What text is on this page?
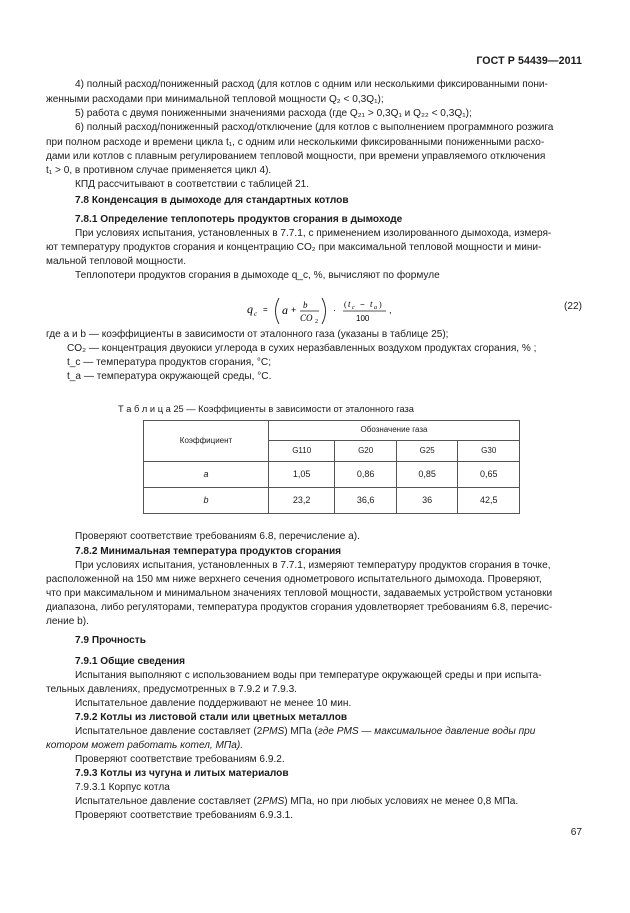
ГОСТ Р 54439—2011
4) полный расход/пониженный расход (для котлов с одним или несколькими фиксированными пони-
женными расходами при минимальной тепловой мощности Q₂ < 0,3Q₁);
5) работа с двумя пониженными значениями расхода (где Q₂₁ > 0,3Q₁ и Q₂₂ < 0,3Q₁);
6) полный расход/пониженный расход/отключение (для котлов с выполнением программного розжига
при полном расходе и времени цикла t₁, с одним или несколькими фиксированными пониженными расхо-
дами или котлов с плавным регулированием тепловой мощности, при времени управляемого отключения
t₁ > 0, в противном случае применяется цикл 4).
КПД рассчитывают в соответствии с таблицей 21.
7.8 Конденсация в дымоходе для стандартных котлов
7.8.1 Определение теплопотерь продуктов сгорания в дымоходе
При условиях испытания, установленных в 7.7.1, с применением изолированного дымохода, измеря-
ют температуру продуктов сгорания и концентрацию CO₂ при максимальной тепловой мощности и мини-
мальной тепловой мощности.
Теплопотери продуктов сгорания в дымоходе q_c, %, вычисляют по формуле
q c = a + b
CO 2
·
( t c − t a )
100
,	(22)
где a и b — коэффициенты в зависимости от эталонного газа (указаны в таблице 25);
CO₂ — концентрация двуокиси углерода в сухих неразбавленных воздухом продуктах сгорания, % ;
t_c — температура продуктов сгорания, °C;
t_a — температура окружающей среды, °C.
Т а б л и ц а 25 — Коэффициенты в зависимости от эталонного газа
Коэффициент	Обозначение газа			
	G110	G20	G25	G30
a	1,05	0,86	0,85	0,65
b	23,2	36,6	36	42,5
Проверяют соответствие требованиям 6.8, перечисление а).
7.8.2 Минимальная температура продуктов сгорания
При условиях испытания, установленных в 7.7.1, измеряют температуру продуктов сгорания в точке,
расположенной на 150 мм ниже верхнего сечения однометрового испытательного дымохода. Проверяют,
что при максимальном и минимальном значениях тепловой мощности, задаваемых устройством установки
диапазона, либо регуляторами, температура продуктов сгорания удовлетворяет требованиям 6.8, перечис-
ление b).
7.9 Прочность
7.9.1 Общие сведения
Испытания выполняют с использованием воды при температуре окружающей среды и при испыта-
тельных давлениях, предусмотренных в 7.9.2 и 7.9.3.
Испытательное давление поддерживают не менее 10 мин.
7.9.2 Котлы из листовой стали или цветных металлов
Испытательное давление составляет (2PMS) МПа (где PMS — максимальное давление воды при
котором может работать котел, МПа).
Проверяют соответствие требованиям 6.9.2.
7.9.3 Котлы из чугуна и литых материалов
7.9.3.1 Корпус котла
Испытательное давление составляет (2PMS) МПа, но при любых условиях не менее 0,8 МПа.
Проверяют соответствие требованиям 6.9.3.1.
67
